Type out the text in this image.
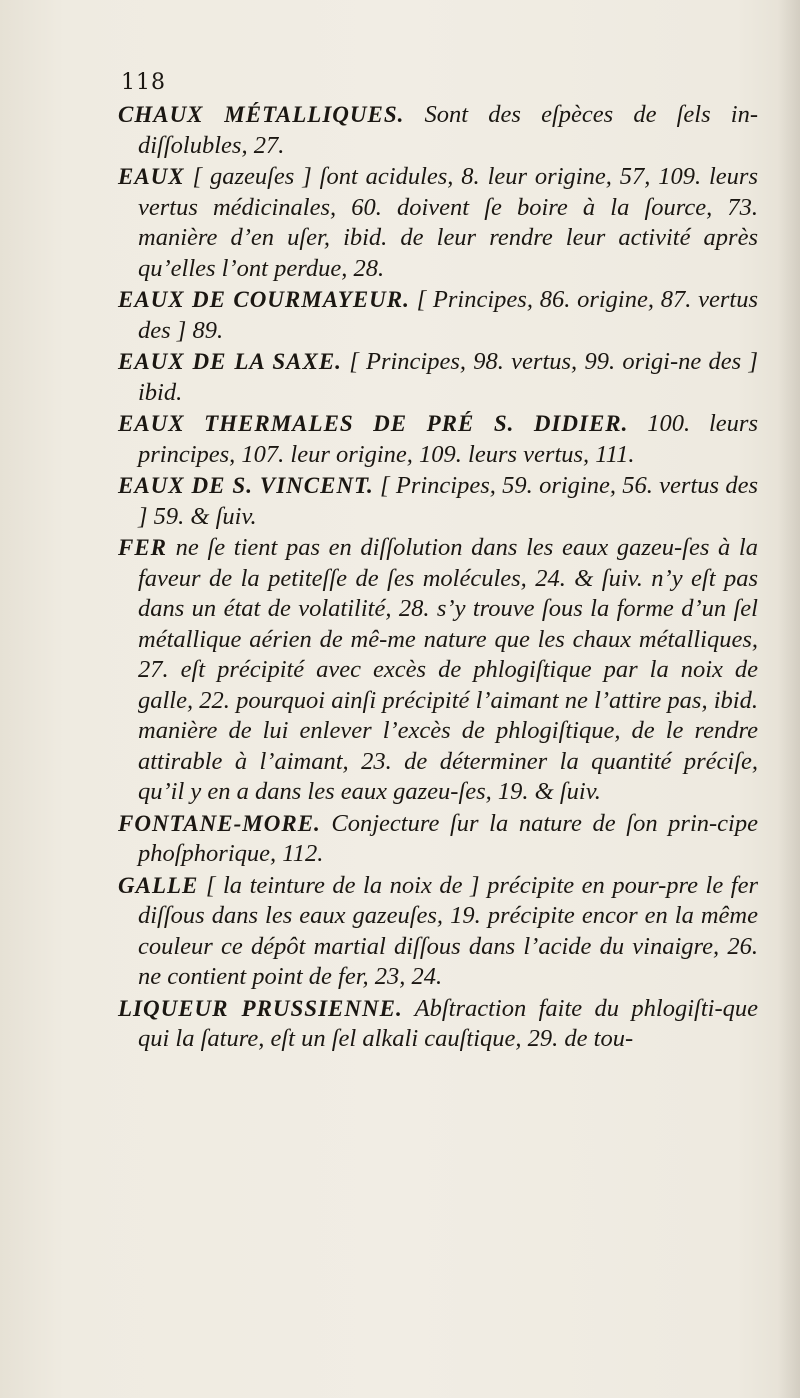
118

CHAUX MÉTALLIQUES. Sont des eſpèces de ſels in-diſſolubles, 27.

EAUX [ gazeuſes ] ſont acidules, 8. leur origine, 57, 109. leurs vertus médicinales, 60. doivent ſe boire à la ſource, 73. manière d’en uſer, ibid. de leur rendre leur activité après qu’elles l’ont perdue, 28.

EAUX DE COURMAYEUR. [ Principes, 86. origine, 87. vertus des ] 89.

EAUX DE LA SAXE. [ Principes, 98. vertus, 99. origi-ne des ] ibid.

EAUX THERMALES DE PRÉ S. DIDIER. 100. leurs principes, 107. leur origine, 109. leurs vertus, 111.

EAUX DE S. VINCENT. [ Principes, 59. origine, 56. vertus des ] 59. & ſuiv.

FER ne ſe tient pas en diſſolution dans les eaux gazeu-ſes à la faveur de la petiteſſe de ſes molécules, 24. & ſuiv. n’y eſt pas dans un état de volatilité, 28. s’y trouve ſous la forme d’un ſel métallique aérien de mê-me nature que les chaux métalliques, 27. eſt précipité avec excès de phlogiſtique par la noix de galle, 22. pourquoi ainſi précipité l’aimant ne l’attire pas, ibid. manière de lui enlever l’excès de phlogiſtique, de le rendre attirable à l’aimant, 23. de déterminer la quantité préciſe, qu’il y en a dans les eaux gazeu-ſes, 19. & ſuiv.

FONTANE-MORE. Conjecture ſur la nature de ſon prin-cipe phoſphorique, 112.

GALLE [ la teinture de la noix de ] précipite en pour-pre le fer diſſous dans les eaux gazeuſes, 19. précipite encor en la même couleur ce dépôt martial diſſous dans l’acide du vinaigre, 26. ne contient point de fer, 23, 24.

LIQUEUR PRUSSIENNE. Abſtraction faite du phlogiſti-que qui la ſature, eſt un ſel alkali cauſtique, 29. de tou-
